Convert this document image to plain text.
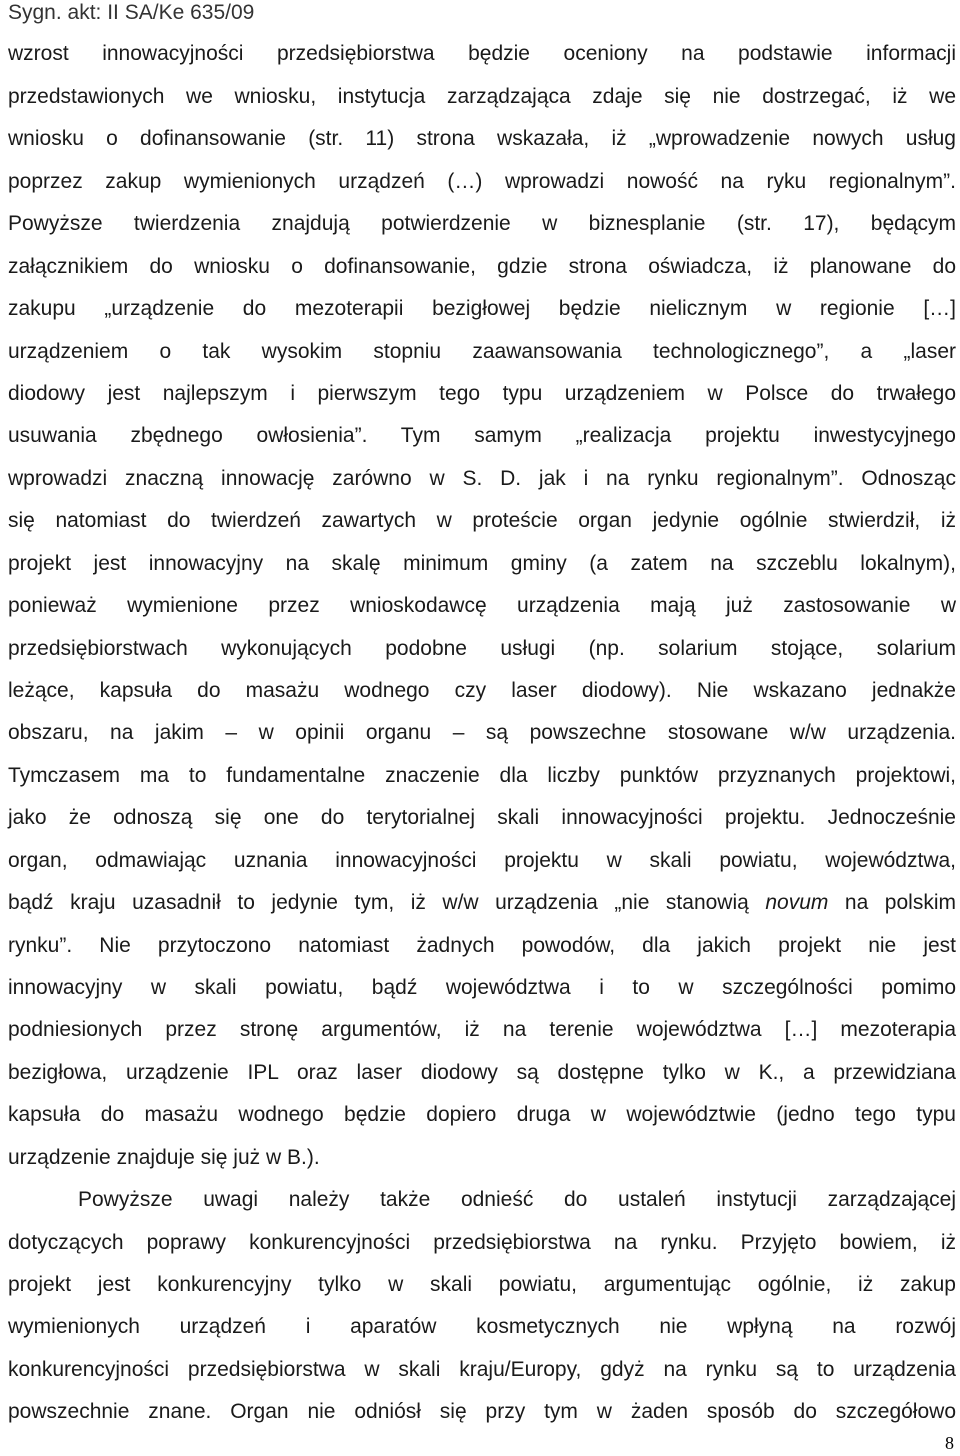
Sygn. akt: II SA/Ke 635/09
wzrost innowacyjności przedsiębiorstwa będzie oceniony na podstawie informacji
przedstawionych we wniosku, instytucja zarządzająca zdaje się nie dostrzegać, iż we
wniosku o dofinansowanie (str. 11) strona wskazała, iż „wprowadzenie nowych usług
poprzez zakup wymienionych urządzeń (…) wprowadzi nowość na ryku regionalnym”.
Powyższe twierdzenia znajdują potwierdzenie w biznesplanie (str. 17), będącym
załącznikiem do wniosku o dofinansowanie, gdzie strona oświadcza, iż planowane do
zakupu „urządzenie do mezoterapii bezigłowej będzie nielicznym w regionie […]
urządzeniem o tak wysokim stopniu zaawansowania technologicznego”, a „laser
diodowy jest najlepszym i pierwszym tego typu urządzeniem w Polsce do trwałego
usuwania zbędnego owłosienia”. Tym samym „realizacja projektu inwestycyjnego
wprowadzi znaczną innowację zarówno w S. D. jak i na rynku regionalnym”. Odnosząc
się natomiast do twierdzeń zawartych w proteście organ jedynie ogólnie stwierdził, iż
projekt jest innowacyjny na skalę minimum gminy (a zatem na szczeblu lokalnym),
ponieważ wymienione przez wnioskodawcę urządzenia mają już zastosowanie w
przedsiębiorstwach wykonujących podobne usługi (np. solarium stojące, solarium
leżące, kapsuła do masażu wodnego czy laser diodowy). Nie wskazano jednakże
obszaru, na jakim – w opinii organu – są powszechne stosowane w/w urządzenia.
Tymczasem ma to fundamentalne znaczenie dla liczby punktów przyznanych projektowi,
jako że odnoszą się one do terytorialnej skali innowacyjności projektu. Jednocześnie
organ, odmawiając uznania innowacyjności projektu w skali powiatu, województwa,
bądź kraju uzasadnił to jedynie tym, iż w/w urządzenia „nie stanowią novum na polskim
rynku”. Nie przytoczono natomiast żadnych powodów, dla jakich projekt nie jest
innowacyjny w skali powiatu, bądź województwa i to w szczególności pomimo
podniesionych przez stronę argumentów, iż na terenie województwa […] mezoterapia
bezigłowa, urządzenie IPL oraz laser diodowy są dostępne tylko w K., a przewidziana
kapsuła do masażu wodnego będzie dopiero druga w województwie (jedno tego typu
urządzenie znajduje się już w B.).
Powyższe uwagi należy także odnieść do ustaleń instytucji zarządzającej
dotyczących poprawy konkurencyjności przedsiębiorstwa na rynku. Przyjęto bowiem, iż
projekt jest konkurencyjny tylko w skali powiatu, argumentując ogólnie, iż zakup
wymienionych urządzeń i aparatów kosmetycznych nie wpłyną na rozwój
konkurencyjności przedsiębiorstwa w skali kraju/Europy, gdyż na rynku są to urządzenia
powszechnie znane. Organ nie odniósł się przy tym w żaden sposób do szczegółowo
8
